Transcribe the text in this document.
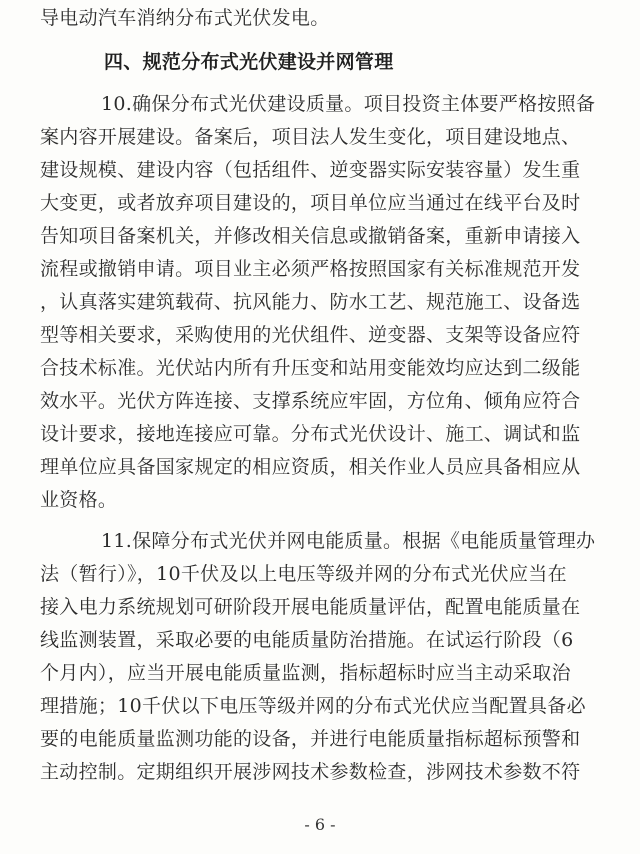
导电动汽车消纳分布式光伏发电。
四、规范分布式光伏建设并网管理
10.确保分布式光伏建设质量。项目投资主体要严格按照备
案内容开展建设。备案后，项目法人发生变化，项目建设地点、
建设规模、建设内容（包括组件、逆变器实际安装容量）发生重
大变更，或者放弃项目建设的，项目单位应当通过在线平台及时
告知项目备案机关，并修改相关信息或撤销备案，重新申请接入
流程或撤销申请。项目业主必须严格按照国家有关标准规范开发
，认真落实建筑载荷、抗风能力、防水工艺、规范施工、设备选
型等相关要求，采购使用的光伏组件、逆变器、支架等设备应符
合技术标准。光伏站内所有升压变和站用变能效均应达到二级能
效水平。光伏方阵连接、支撑系统应牢固，方位角、倾角应符合
设计要求，接地连接应可靠。分布式光伏设计、施工、调试和监
理单位应具备国家规定的相应资质，相关作业人员应具备相应从
业资格。
11.保障分布式光伏并网电能质量。根据《电能质量管理办
法（暂行）》，10千伏及以上电压等级并网的分布式光伏应当在
接入电力系统规划可研阶段开展电能质量评估，配置电能质量在
线监测装置，采取必要的电能质量防治措施。在试运行阶段（6
个月内），应当开展电能质量监测，指标超标时应当主动采取治
理措施；10千伏以下电压等级并网的分布式光伏应当配置具备必
要的电能质量监测功能的设备，并进行电能质量指标超标预警和
主动控制。定期组织开展涉网技术参数检查，涉网技术参数不符
- 6 -
